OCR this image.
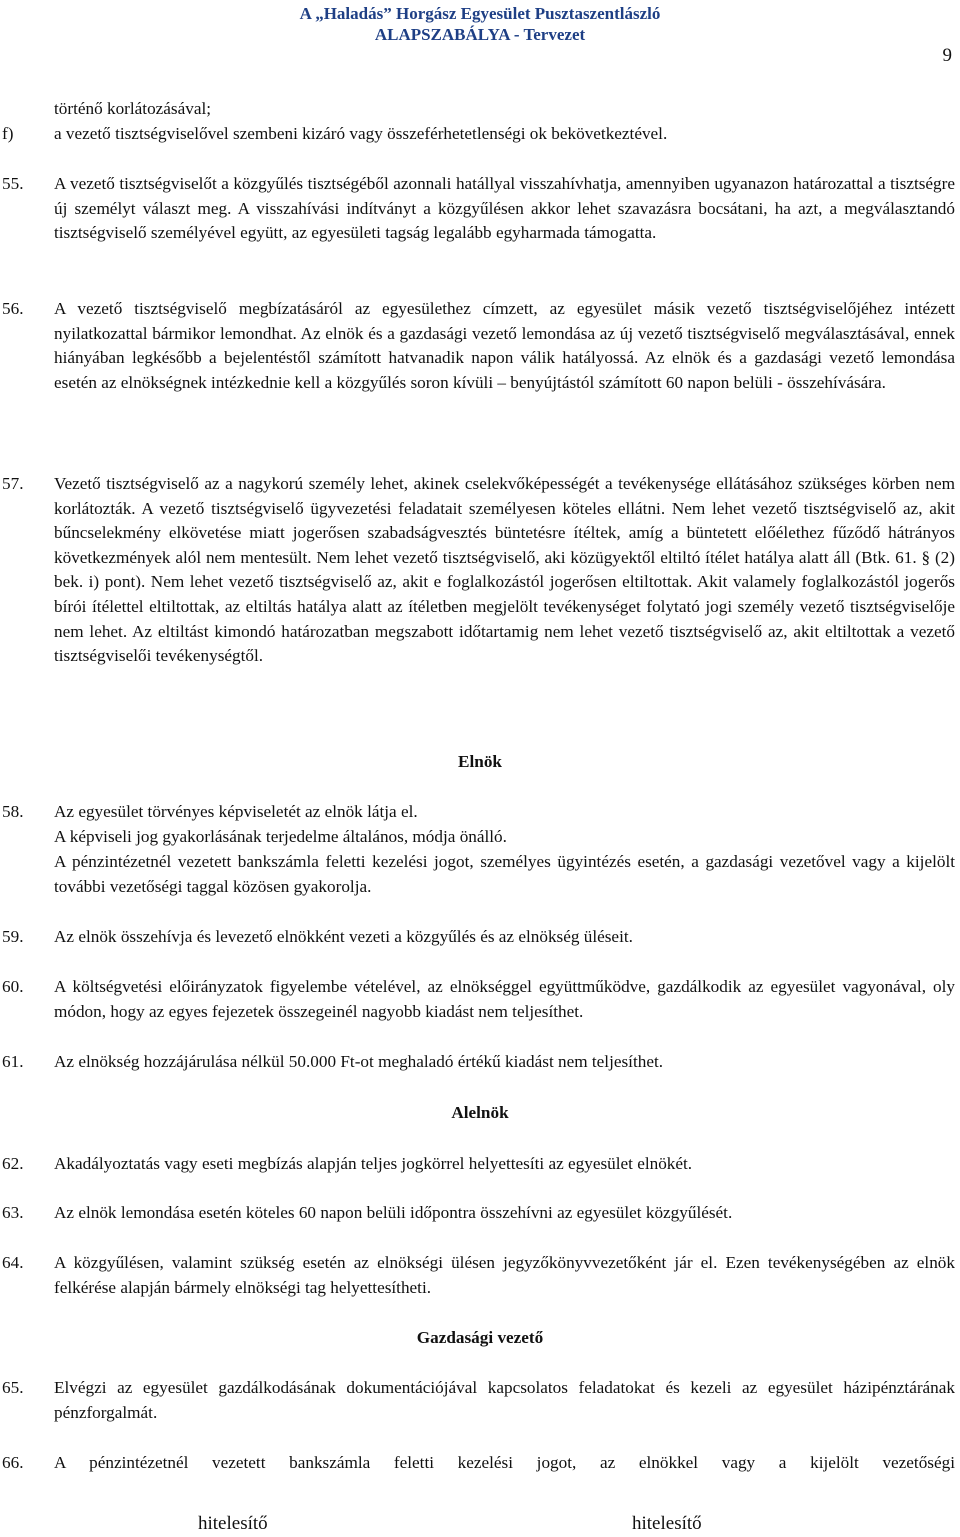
A „Haladás” Horgász Egyesület Pusztaszentlászló
ALAPSZABÁLYA - Tervezet
9
történő korlátozásával;
f) a vezető tisztségviselővel szembeni kizáró vagy összeférhetetlenségi ok bekövetkeztével.
55. A vezető tisztségviselőt a közgyűlés tisztségéből azonnali hatállyal visszahívhatja, amennyiben ugyanazon határozattal a tisztségre új személyt választ meg. A visszahívási indítványt a közgyűlésen akkor lehet szavazásra bocsátani, ha azt, a megválasztandó tisztségviselő személyével együtt, az egyesületi tagság legalább egyharmada támogatta.
56. A vezető tisztségviselő megbízatásáról az egyesülethez címzett, az egyesület másik vezető tisztségviselőjéhez intézett nyilatkozattal bármikor lemondhat. Az elnök és a gazdasági vezető lemondása az új vezető tisztségviselő megválasztásával, ennek hiányában legkésőbb a bejelentéstől számított hatvanadik napon válik hatályossá. Az elnök és a gazdasági vezető lemondása esetén az elnökségnek intézkednie kell a közgyűlés soron kívüli – benyújtástól számított 60 napon belüli - összehívására.
57. Vezető tisztségviselő az a nagykorú személy lehet, akinek cselekvőképességét a tevékenysége ellátásához szükséges körben nem korlátozták. A vezető tisztségviselő ügyvezetési feladatait személyesen köteles ellátni. Nem lehet vezető tisztségviselő az, akit bűncselekmény elkövetése miatt jogerősen szabadságvesztés büntetésre ítéltek, amíg a büntetett előélethez fűződő hátrányos következmények alól nem mentesült. Nem lehet vezető tisztségviselő, aki közügyektől eltiltó ítélet hatálya alatt áll (Btk. 61. § (2) bek. i) pont). Nem lehet vezető tisztségviselő az, akit e foglalkozástól jogerősen eltiltottak. Akit valamely foglalkozástól jogerős bírói ítélettel eltiltottak, az eltiltás hatálya alatt az ítéletben megjelölt tevékenységet folytató jogi személy vezető tisztségviselője nem lehet. Az eltiltást kimondó határozatban megszabott időtartamig nem lehet vezető tisztségviselő az, akit eltiltottak a vezető tisztségviselői tevékenységtől.
Elnök
58. Az egyesület törvényes képviseletét az elnök látja el.
A képviseli jog gyakorlásának terjedelme általános, módja önálló.
A pénzintézetnél vezetett bankszámla feletti kezelési jogot, személyes ügyintézés esetén, a gazdasági vezetővel vagy a kijelölt további vezetőségi taggal közösen gyakorolja.
59. Az elnök összehívja és levezető elnökként vezeti a közgyűlés és az elnökség üléseit.
60. A költségvetési előirányzatok figyelembe vételével, az elnökséggel együttműködve, gazdálkodik az egyesület vagyonával, oly módon, hogy az egyes fejezetek összegeinél nagyobb kiadást nem teljesíthet.
61. Az elnökség hozzájárulása nélkül 50.000 Ft-ot meghaladó értékű kiadást nem teljesíthet.
Alelnök
62. Akadályoztatás vagy eseti megbízás alapján teljes jogkörrel helyettesíti az egyesület elnökét.
63. Az elnök lemondása esetén köteles 60 napon belüli időpontra összehívni az egyesület közgyűlését.
64. A közgyűlésen, valamint szükség esetén az elnökségi ülésen jegyzőkönyvvezetőként jár el. Ezen tevékenységében az elnök felkérése alapján bármely elnökségi tag helyettesítheti.
Gazdasági vezető
65. Elvégzi az egyesület gazdálkodásának dokumentációjával kapcsolatos feladatokat és kezeli az egyesület házipénztárának pénzforgalmát.
66. A pénzintézetnél vezetett bankszámla feletti kezelési jogot, az elnökkel vagy a kijelölt vezetőségi
hitelesítő	hitelesítő
